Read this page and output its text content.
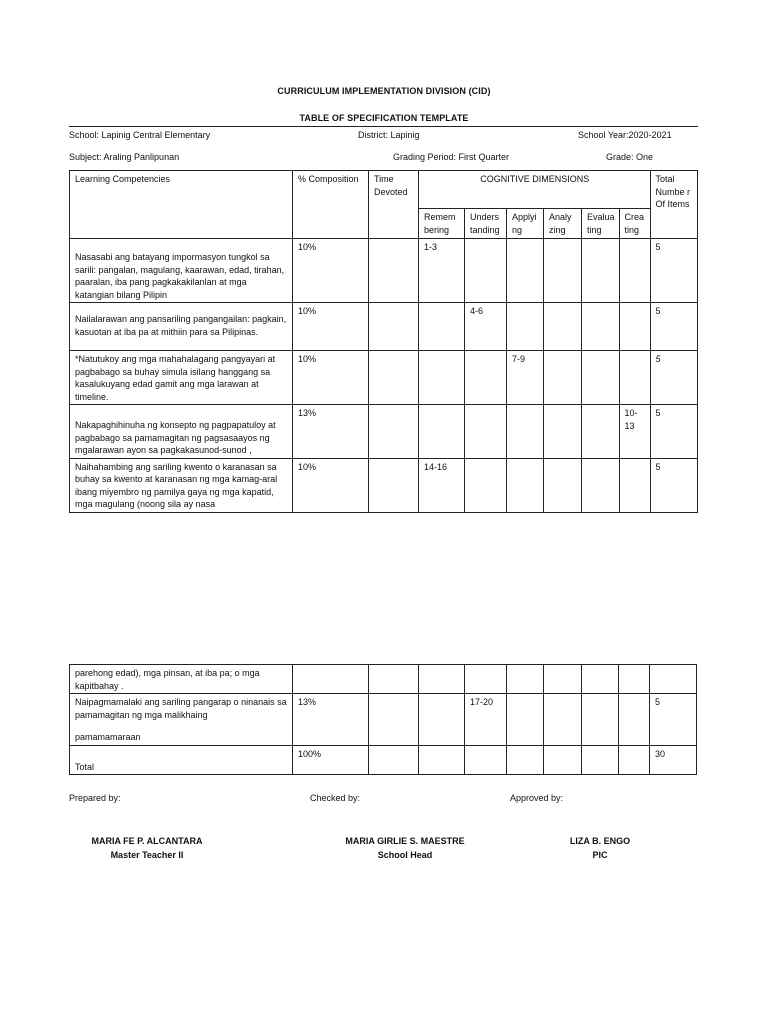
CURRICULUM IMPLEMENTATION DIVISION (CID)
TABLE OF SPECIFICATION TEMPLATE
School: Lapinig Central Elementary	District: Lapinig	School Year:2020-2021
Subject: Araling Panlipunan	Grading Period: First Quarter	Grade: One
Learning Competencies	% Composition	Time Devoted	COGNITIVE DIMENSIONS						Total Numbe r Of Items
			Remem bering	Unders tanding	Applyi ng	Analy zing	Evalua ting	Crea ting	
Nasasabi ang batayang impormasyon tungkol sa sarili: pangalan, magulang, kaarawan, edad, tirahan, paaralan, iba pang pagkakakilanlan at mga katangian bilang Pilipin	10%		1-3						5
Nailalarawan ang pansariling pangangailan: pagkain, kasuotan at iba pa at mithiin para sa Pilipinas.	10%			4-6					5
*Natutukoy ang mga mahahalagang pangyayari at pagbabago sa buhay simula isilang hanggang sa kasalukuyang edad gamit ang mga larawan at timeline.	10%				7-9				5
Nakapaghihinuha ng konsepto ng pagpapatuloy at pagbabago sa pamamagitan ng pagsasaayos ng mgalarawan ayon sa pagkakasunod-sunod ,	13%							10-13	5
Naihahambing ang sariling kwento o karanasan sa buhay sa kwento at karanasan ng mga kamag-aral ibang miyembro ng pamilya gaya ng mga kapatid, mga magulang (noong sila ay nasa	10%		14-16						5
parehong edad), mga pinsan, at iba pa; o mga kapitbahay .									

Naipagmamalaki ang sariling pangarap o ninanais sa pamamagitan ng mga malikhaing
pamamamaraan	13%			17-20					5
Total	100%								30
Prepared by:	Checked by:	Approved by:
MARIA FE P. ALCANTARA
Master Teacher II
MARIA GIRLIE S. MAESTRE
School Head
LIZA B. ENGO
PIC
